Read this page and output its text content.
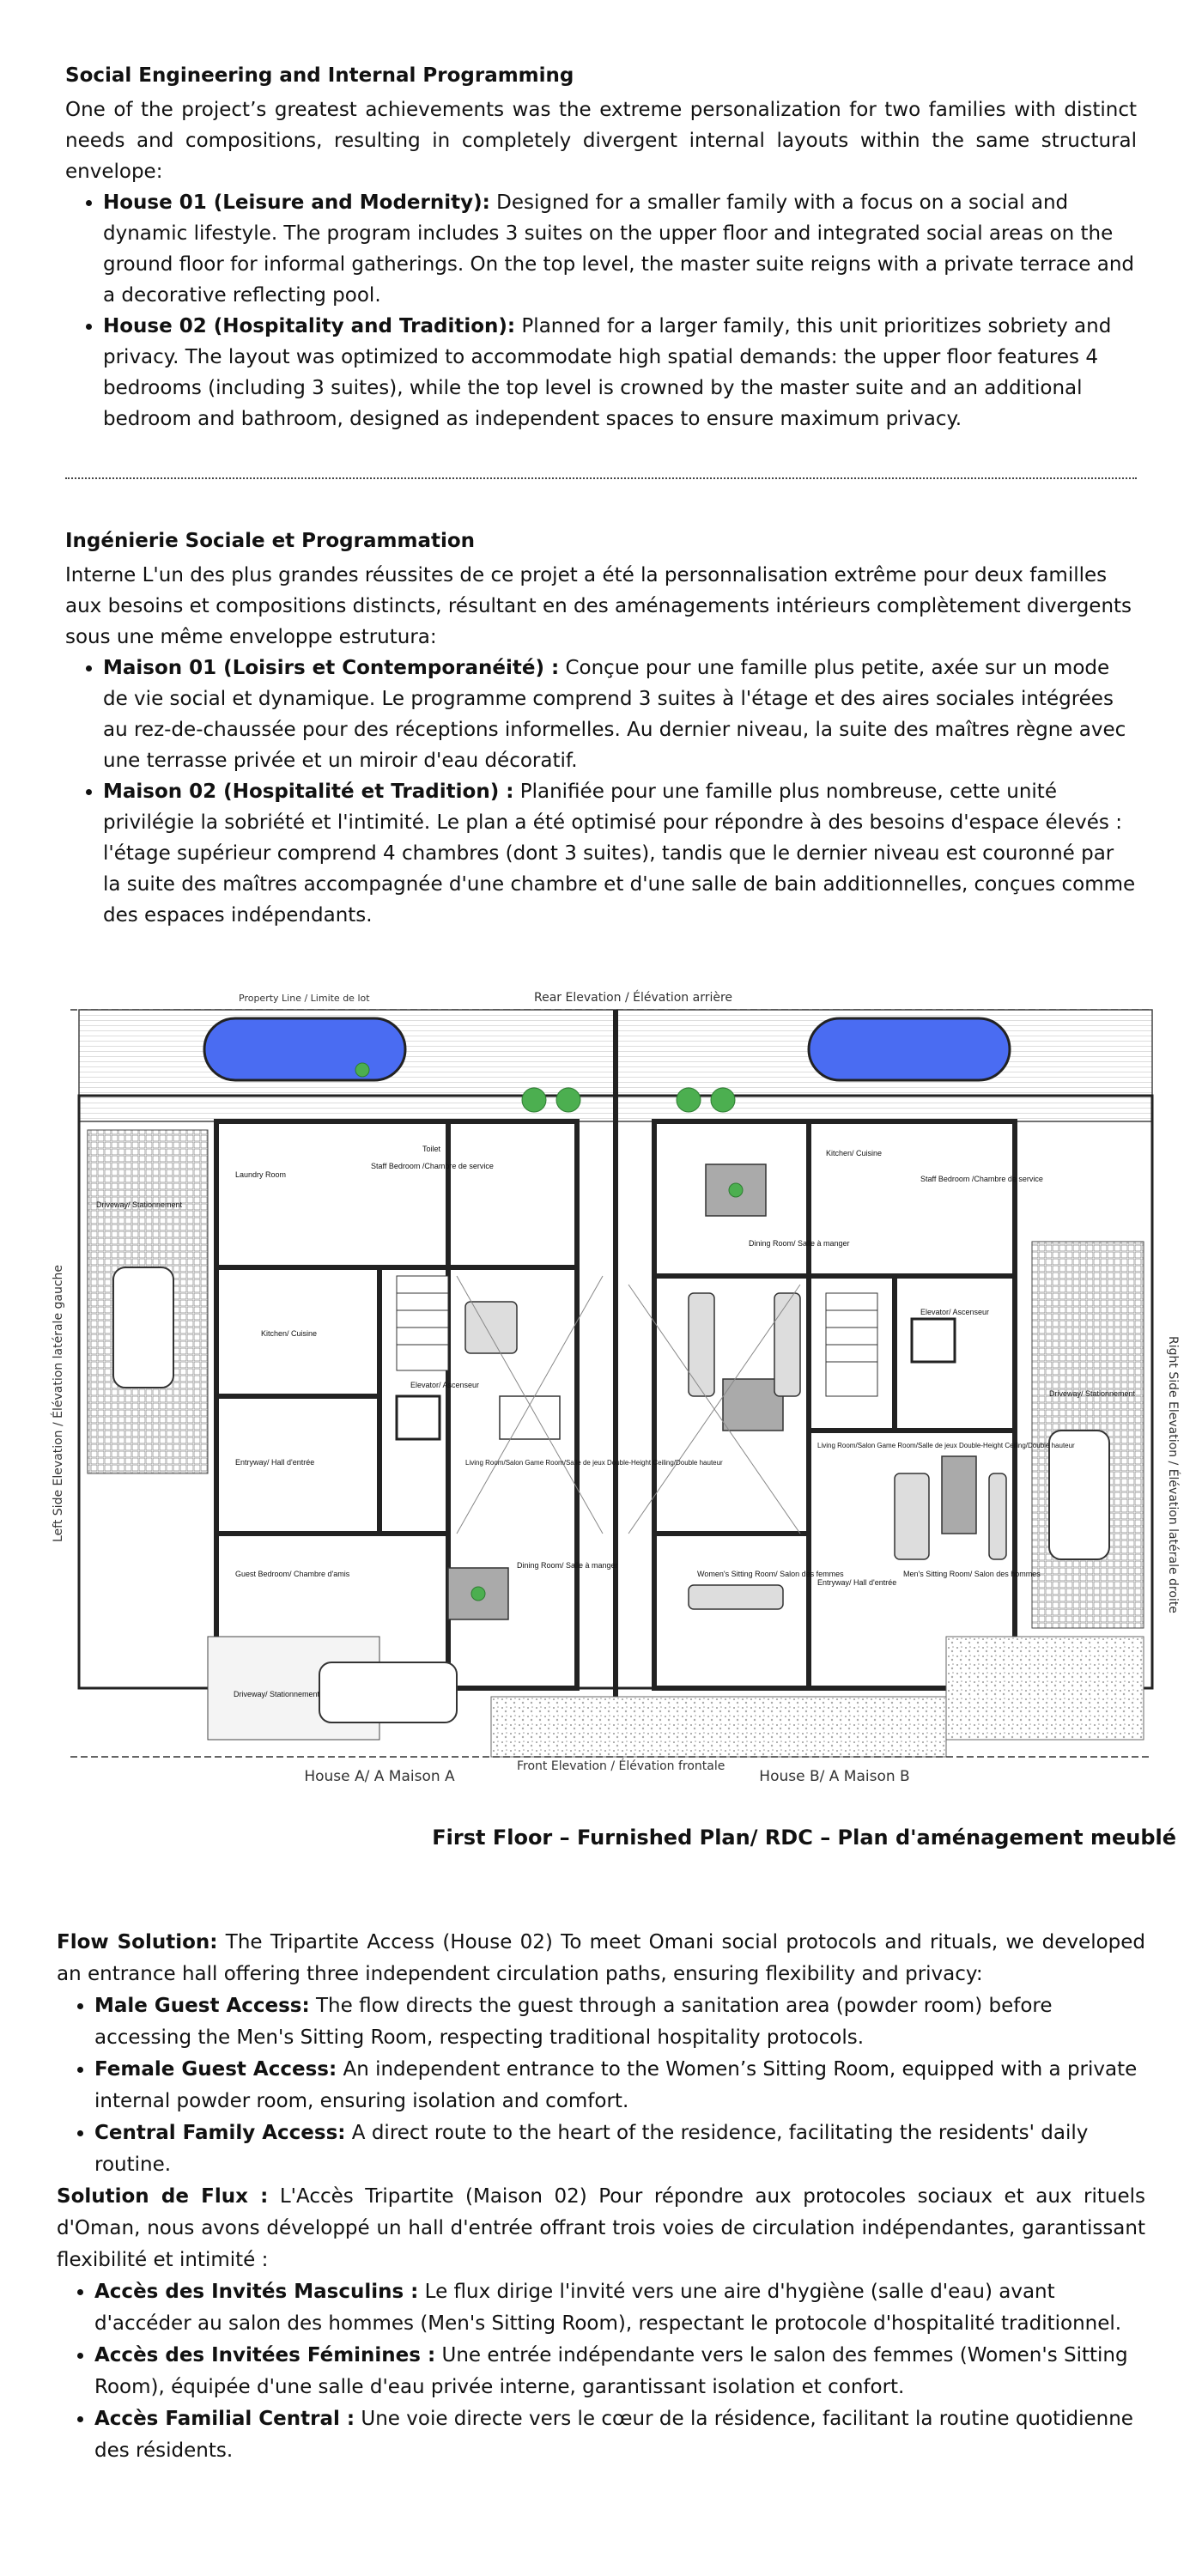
Social Engineering and Internal Programming

One of the project’s greatest achievements was the extreme personalization for two families with distinct needs and compositions, resulting in completely divergent internal layouts within the same structural envelope:

• House 01 (Leisure and Modernity): Designed for a smaller family with a focus on a social and dynamic lifestyle. The program includes 3 suites on the upper floor and integrated social areas on the ground floor for informal gatherings. On the top level, the master suite reigns with a private terrace and a decorative reflecting pool.
• House 02 (Hospitality and Tradition): Planned for a larger family, this unit prioritizes sobriety and privacy. The layout was optimized to accommodate high spatial demands: the upper floor features 4 bedrooms (including 3 suites), while the top level is crowned by the master suite and an additional bedroom and bathroom, designed as independent spaces to ensure maximum privacy.
Ingénierie Sociale et Programmation

Interne L'un des plus grandes réussites de ce projet a été la personnalisation extrême pour deux familles aux besoins et compositions distincts, résultant en des aménagements intérieurs complètement divergents sous une même enveloppe estrutura:

• Maison 01 (Loisirs et Contemporanéité) : Conçue pour une famille plus petite, axée sur un mode de vie social et dynamique. Le programme comprend 3 suites à l'étage et des aires sociales intégrées au rez-de-chaussée pour des réceptions informelles. Au dernier niveau, la suite des maîtres règne avec une terrasse privée et un miroir d'eau décoratif.
• Maison 02 (Hospitalité et Tradition) : Planifiée pour une famille plus nombreuse, cette unité privilégie la sobriété et l'intimité. Le plan a été optimisé pour répondre à des besoins d'espace élevés : l'étage supérieur comprend 4 chambres (dont 3 suites), tandis que le dernier niveau est couronné par la suite des maîtres accompagnée d'une chambre et d'une salle de bain additionnelles, conçues comme des espaces indépendants.
Property Line / Limite de lot	Rear Elevation / Élévation arrière
Laundry Room
Staff Bedroom /Chambre de service
Toilet
Kitchen/ Cuisine
Elevator/ Ascenseur
Living Room/Salon Game Room/Salle de jeux Double-Height Ceiling/Double hauteur
Entryway/ Hall d'entrée
Guest Bedroom/ Chambre d'amis
Dining Room/ Salle à manger
Driveway/ Stationnement
Driveway/ Stationnement
Kitchen/ Cuisine
Staff Bedroom /Chambre de service
Dining Room/ Salle à manger
Elevator/ Ascenseur
Living Room/Salon Game Room/Salle de jeux Double-Height Ceiling/Double hauteur
Men's Sitting Room/ Salon des hommes
Women's Sitting Room/ Salon des femmes
Entryway/ Hall d'entrée
Driveway/ Stationnement
Left Side Elevation / Élévation latérale gauche	Right Side Elevation / Élévation latérale droite
Front Elevation / Élévation frontale
House A/ A Maison A	House B/ A Maison B
First Floor – Furnished Plan/ RDC – Plan d'aménagement meublé

Flow Solution: The Tripartite Access (House 02) To meet Omani social protocols and rituals, we developed an entrance hall offering three independent circulation paths, ensuring flexibility and privacy:

• Male Guest Access: The flow directs the guest through a sanitation area (powder room) before accessing the Men's Sitting Room, respecting traditional hospitality protocols.
• Female Guest Access: An independent entrance to the Women’s Sitting Room, equipped with a private internal powder room, ensuring isolation and comfort.
• Central Family Access: A direct route to the heart of the residence, facilitating the residents' daily routine.

Solution de Flux : L'Accès Tripartite (Maison 02) Pour répondre aux protocoles sociaux et aux rituels d'Oman, nous avons développé un hall d'entrée offrant trois voies de circulation indépendantes, garantissant flexibilité et intimité :

• Accès des Invités Masculins : Le flux dirige l'invité vers une aire d'hygiène (salle d'eau) avant d'accéder au salon des hommes (Men's Sitting Room), respectant le protocole d'hospitalité traditionnel.
• Accès des Invitées Féminines : Une entrée indépendante vers le salon des femmes (Women's Sitting Room), équipée d'une salle d'eau privée interne, garantissant isolation et confort.
• Accès Familial Central : Une voie directe vers le cœur de la résidence, facilitant la routine quotidienne des résidents.
